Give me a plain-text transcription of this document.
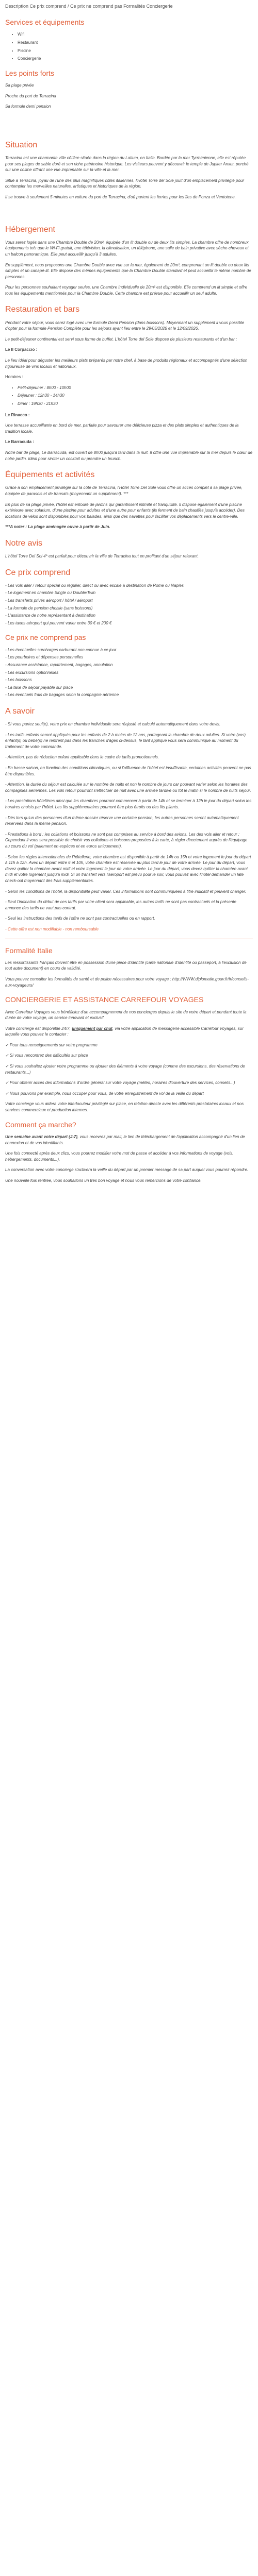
Description Ce prix comprend / Ce prix ne comprend pas Formalités Conciergerie
Services et équipements
• Wifi
• Restaurant
• Piscine
• Conciergerie
Les points forts

Sa plage privée

Proche du port de Terracina

Sa formule demi pension

Situation

Terracina est une charmante ville côtière située dans la région du Latium, en Italie. Bordée par la mer Tyrrhénienne, elle est réputée pour ses plages de sable doré et son riche patrimoine historique. Les visiteurs peuvent y découvrir le temple de Jupiter Anxur, perché sur une colline offrant une vue imprenable sur la ville et la mer.

Situé à Terracina, joyau de l'une des plus magnifiques côtes italiennes, l'Hôtel Torre del Sole jouit d'un emplacement privilégié pour contempler les merveilles naturelles, artistiques et historiques de la région.

Il se trouve à seulement 5 minutes en voiture du port de Terracina, d'où partent les ferries pour les îles de Ponza et Ventotene.

Hébergement

Vous serez logés dans une Chambre Double de 20m², équipée d'un lit double ou de deux lits simples. La chambre offre de nombreux équipements tels que le Wi-Fi gratuit, une télévision, la climatisation, un téléphone, une salle de bain privative avec sèche-cheveux et un balcon panoramique. Elle peut accueillir jusqu'à 3 adultes.

En supplément, nous proposons une Chambre Double avec vue sur la mer, également de 20m², comprenant un lit double ou deux lits simples et un canapé-lit. Elle dispose des mêmes équipements que la Chambre Double standard et peut accueillir le même nombre de personnes.

Pour les personnes souhaitant voyager seules, une Chambre Individuelle de 20m² est disponible. Elle comprend un lit simple et offre tous les équipements mentionnés pour la Chambre Double. Cette chambre est prévue pour accueillir un seul adulte.

Restauration et bars

Pendant votre séjour, vous serez logé avec une formule Demi Pension (dans boissons). Moyennant un supplément il vous possible d'opter pour la formule Pension Complète pour les séjours ayant lieu entre le 29/05/2026 et le 12/09/2026.

Le petit-déjeuner continental est servi sous forme de buffet. L'hôtel Torre del Sole dispose de plusieurs restaurants et d'un bar :

Le Il Corpaccio :

Le lieu idéal pour déguster les meilleurs plats préparés par notre chef, à base de produits régionaux et accompagnés d'une sélection rigoureuse de vins locaux et nationaux.

Horaires :

• Petit-déjeuner : 8h00 - 10h00
• Déjeuner : 12h30 - 14h30
• Dîner : 19h30 - 21h30

Le Rinacco :

Une terrasse accueillante en bord de mer, parfaite pour savourer une délicieuse pizza et des plats simples et authentiques de la tradition locale.

Le Barracuda :

Notre bar de plage, Le Barracuda, est ouvert de 8h00 jusqu'à tard dans la nuit. Il offre une vue imprenable sur la mer depuis le cœur de notre jardin. Idéal pour siroter un cocktail ou prendre un brunch.

Équipements et activités

Grâce à son emplacement privilégié sur la côte de Terracina, l'Hôtel Torre Del Sole vous offre un accès complet à sa plage privée, équipée de parasols et de transats (moyennant un supplément). ***

En plus de sa plage privée, l'hôtel est entouré de jardins qui garantissent intimité et tranquillité. Il dispose également d'une piscine extérieure avec solarium, d'une piscine pour adultes et d'une autre pour enfants (ils ferment de bain chauffés jusqu'à accéder). Des locations de vélos sont disponibles pour vos balades, ainsi que des navettes pour faciliter vos déplacements vers le centre-ville.

***A noter : La plage aménagée ouvre à partir de Juin.

Notre avis

L'hôtel Torre Del Sol 4* est parfait pour découvrir la ville de Terracina tout en profitant d'un séjour relaxant.

Ce prix comprend

- Les vols aller / retour spécial ou régulier, direct ou avec escale à destination de Rome ou Naples

- Le logement en chambre Single ou Double/Twin

- Les transferts privés aéroport / hôtel / aéroport

- La formule de pension choisie (sans boissons)

- L'assistance de notre représentant à destination

- Les taxes aéroport qui peuvent varier entre 30 € et 200 €

Ce prix ne comprend pas

- Les éventuelles surcharges carburant non connue à ce jour

- Les pourboires et dépenses personnelles

- Assurance assistance, rapatriement, bagages, annulation

- Les excursions optionnelles

- Les boissons

- La taxe de séjour payable sur place

- Les éventuels frais de bagages selon la compagnie aérienne

A savoir

- Si vous partez seul(e), votre prix en chambre individuelle sera réajusté et calculé automatiquement dans votre devis.

- Les tarifs enfants seront appliqués pour les enfants de 2 à moins de 12 ans, partageant la chambre de deux adultes. Si votre (vos) enfant(s) ou bébé(s) ne rentrent pas dans les tranches d'âges ci-dessus, le tarif appliqué vous sera communiqué au moment du traitement de votre commande.

- Attention, pas de réduction enfant applicable dans le cadre de tarifs promotionnels.

- En basse saison, en fonction des conditions climatiques, ou si l'affluence de l'hôtel est insuffisante, certaines activités peuvent ne pas être disponibles.

- Attention, la durée du séjour est calculée sur le nombre de nuits et non le nombre de jours car pouvant varier selon les horaires des compagnies aériennes. Les vols retour pourront s'effectuer de nuit avec une arrivée tardive ou tôt le matin si le nombre de nuits séjour.

- Les prestations hôtelières ainsi que les chambres pourront commencer à partir de 14h et se terminer à 12h le jour du départ selon les horaires choisis par l'hôtel. Les lits supplémentaires pourront être plus étroits ou des lits pliants.

- Dès lors qu'un des personnes d'un même dossier réserve une certaine pension, les autres personnes seront automatiquement réservées dans la même pension.

- Prestations à bord : les collations et boissons ne sont pas comprises au service à bord des avions. Les des vols aller et retour ; Cependant il vous sera possible de choisir vos collations et boissons proposées à la carte, à régler directement auprès de l'équipage au cours du vol (paiement en espèces et en euros uniquement).

- Selon les règles internationales de l'hôtellerie, votre chambre est disponible à partir de 14h ou 15h et votre logement le jour du départ à 11h à 12h. Avec un départ entre 6 et 10h, votre chambre est réservée au plus tard le jour de votre arrivée. Le jour du départ, vous devez quitter la chambre avant midi et votre logement le jour de votre arrivée. Le jour du départ, vous devez quitter la chambre avant midi et votre logement jusqu'à midi. Si un transfert vers l'aéroport est prévu pour le soir, vous pouvez avec l'hôtel demander un late check-out moyennant des frais supplémentaires.

- Selon les conditions de l'hôtel, la disponibilité peut varier. Ces informations sont communiquées à titre indicatif et peuvent changer.

- Seul l'indication du début de ces tarifs par votre client sera applicable, les autres tarifs ne sont pas contractuels et la présente annonce des tarifs ne vaut pas contrat.

- Seul les instructions des tarifs de l'offre ne sont pas contractuelles ou en rapport.

- Cette offre est non modifiable - non remboursable

Formalité Italie

Les ressortissants français doivent être en possession d'une pièce d'identité (carte nationale d'identité ou passeport, à l'exclusion de tout autre document) en cours de validité.

Vous pouvez consulter les formalités de santé et de police nécessaires pour votre voyage : http://WWW.diplomatie.gouv.fr/fr/conseils-aux-voyageurs/

CONCIERGERIE ET ASSISTANCE CARREFOUR VOYAGES

Avec Carrefour Voyages vous bénéficiez d'un accompagnement de nos concierges depuis le site de votre départ et pendant toute la durée de votre voyage, un service innovant et exclusif.

Votre concierge est disponible 24/7, uniquement par chat, via votre application de messagerie accessible Carrefour Voyages, sur laquelle vous pouvez le contacter :

✓ Pour tous renseignements sur votre programme

✓ Si vous rencontrez des difficultés sur place

✓ Si vous souhaitez ajouter votre programme ou ajouter des éléments à votre voyage (comme des excursions, des réservations de restaurants...)

✓ Pour obtenir accès des informations d'ordre général sur votre voyage (météo, horaires d'ouverture des services, conseils...)

✓ Nous pouvons par exemple, nous occuper pour vous, de votre enregistrement de vol de la veille du départ

Votre concierge vous aidera votre interlocuteur privilégié sur place, en relation directe avec les différents prestataires locaux et nos services commerciaux et production internes.

Comment ça marche?

Une semaine avant votre départ (J-7), vous recevrez par mail, le lien de téléchargement de l'application accompagné d'un lien de connexion et de vos identifiants.

Une fois connecté après deux clics, vous pourrez modifier votre mot de passe et accéder à vos informations de voyage (vols, hébergements, documents...).

La conversation avec votre concierge s'activera la veille du départ par un premier message de sa part auquel vous pourrez répondre.

Une nouvelle fois rentrée, vous souhaitons un très bon voyage et nous vous remercions de votre confiance.
